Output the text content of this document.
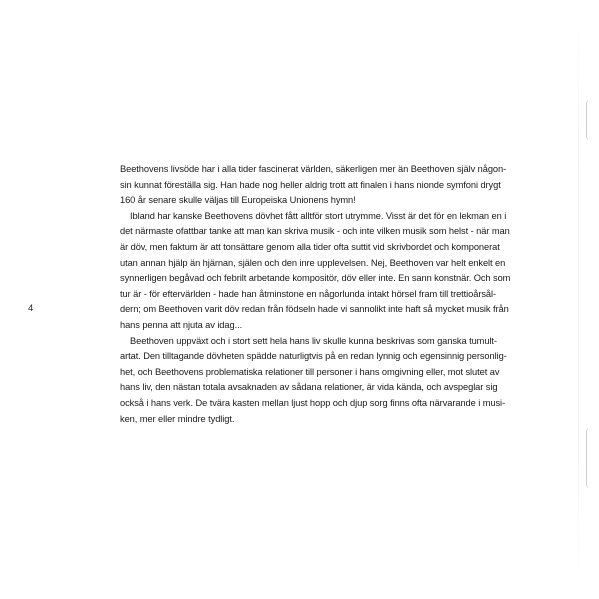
4
Beethovens livsöde har i alla tider fascinerat världen, säkerligen mer än Beethoven själv någon-
sin kunnat föreställa sig. Han hade nog heller aldrig trott att finalen i hans nionde symfoni drygt
160 år senare skulle väljas till Europeiska Unionens hymn!
Ibland har kanske Beethovens dövhet fått alltför stort utrymme. Visst är det för en lekman en i
det närmaste ofattbar tanke att man kan skriva musik - och inte vilken musik som helst - när man
är döv, men faktum är att tonsättare genom alla tider ofta suttit vid skrivbordet och komponerat
utan annan hjälp än hjärnan, själen och den inre upplevelsen. Nej, Beethoven var helt enkelt en
synnerligen begåvad och febrilt arbetande kompositör, döv eller inte. En sann konstnär. Och som
tur är - för eftervärlden - hade han åtminstone en någorlunda intakt hörsel fram till trettioårsål-
dern; om Beethoven varit döv redan från födseln hade vi sannolikt inte haft så mycket musik från
hans penna att njuta av idag...
Beethoven uppväxt och i stort sett hela hans liv skulle kunna beskrivas som ganska tumult-
artat. Den tilltagande dövheten spädde naturligtvis på en redan lynnig och egensinnig personlig-
het, och Beethovens problematiska relationer till personer i hans omgivning eller, mot slutet av
hans liv, den nästan totala avsaknaden av sådana relationer, är vida kända, och avspeglar sig
också i hans verk. De tvära kasten mellan ljust hopp och djup sorg finns ofta närvarande i musi-
ken, mer eller mindre tydligt.
